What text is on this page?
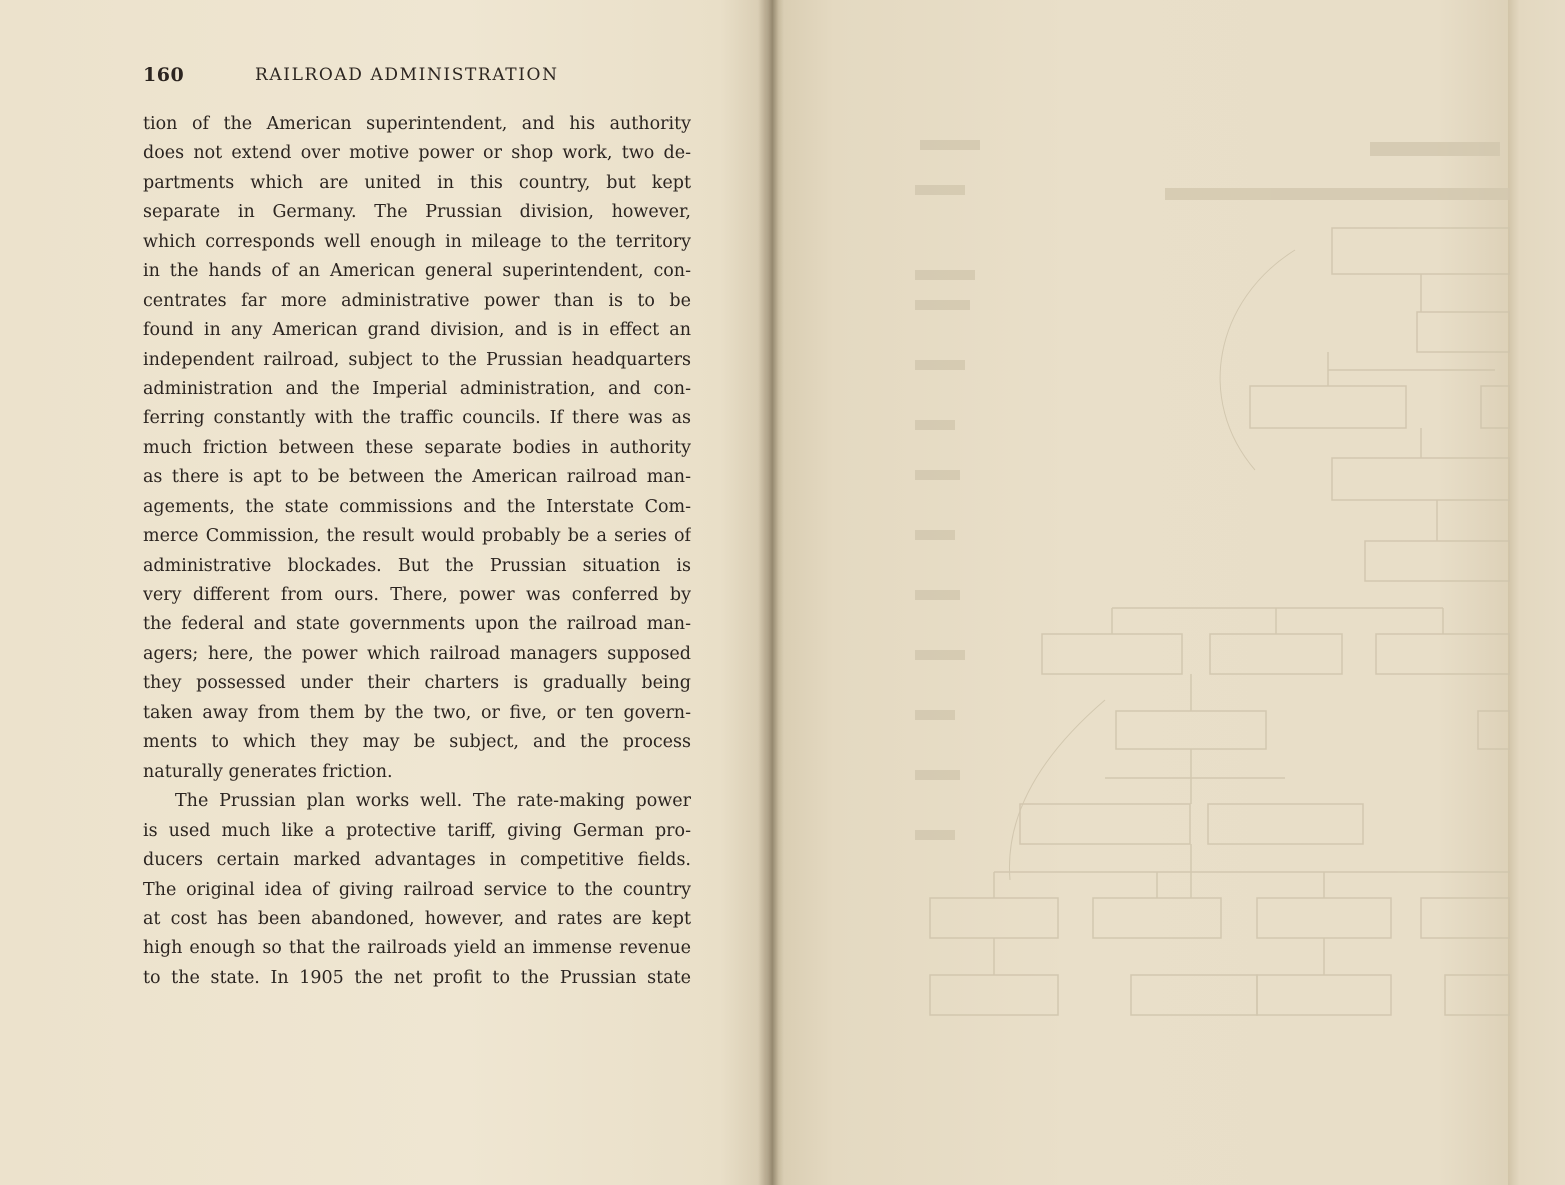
160	RAILROAD ADMINISTRATION
tion of the American superintendent, and his authority
does not extend over motive power or shop work, two de-
partments which are united in this country, but kept
separate in Germany. The Prussian division, however,
which corresponds well enough in mileage to the territory
in the hands of an American general superintendent, con-
centrates far more administrative power than is to be
found in any American grand division, and is in effect an
independent railroad, subject to the Prussian headquarters
administration and the Imperial administration, and con-
ferring constantly with the traffic councils. If there was as
much friction between these separate bodies in authority
as there is apt to be between the American railroad man-
agements, the state commissions and the Interstate Com-
merce Commission, the result would probably be a series of
administrative blockades. But the Prussian situation is
very different from ours. There, power was conferred by
the federal and state governments upon the railroad man-
agers; here, the power which railroad managers supposed
they possessed under their charters is gradually being
taken away from them by the two, or five, or ten govern-
ments to which they may be subject, and the process
naturally generates friction.
The Prussian plan works well. The rate-making power
is used much like a protective tariff, giving German pro-
ducers certain marked advantages in competitive fields.
The original idea of giving railroad service to the country
at cost has been abandoned, however, and rates are kept
high enough so that the railroads yield an immense revenue
to the state. In 1905 the net profit to the Prussian state
